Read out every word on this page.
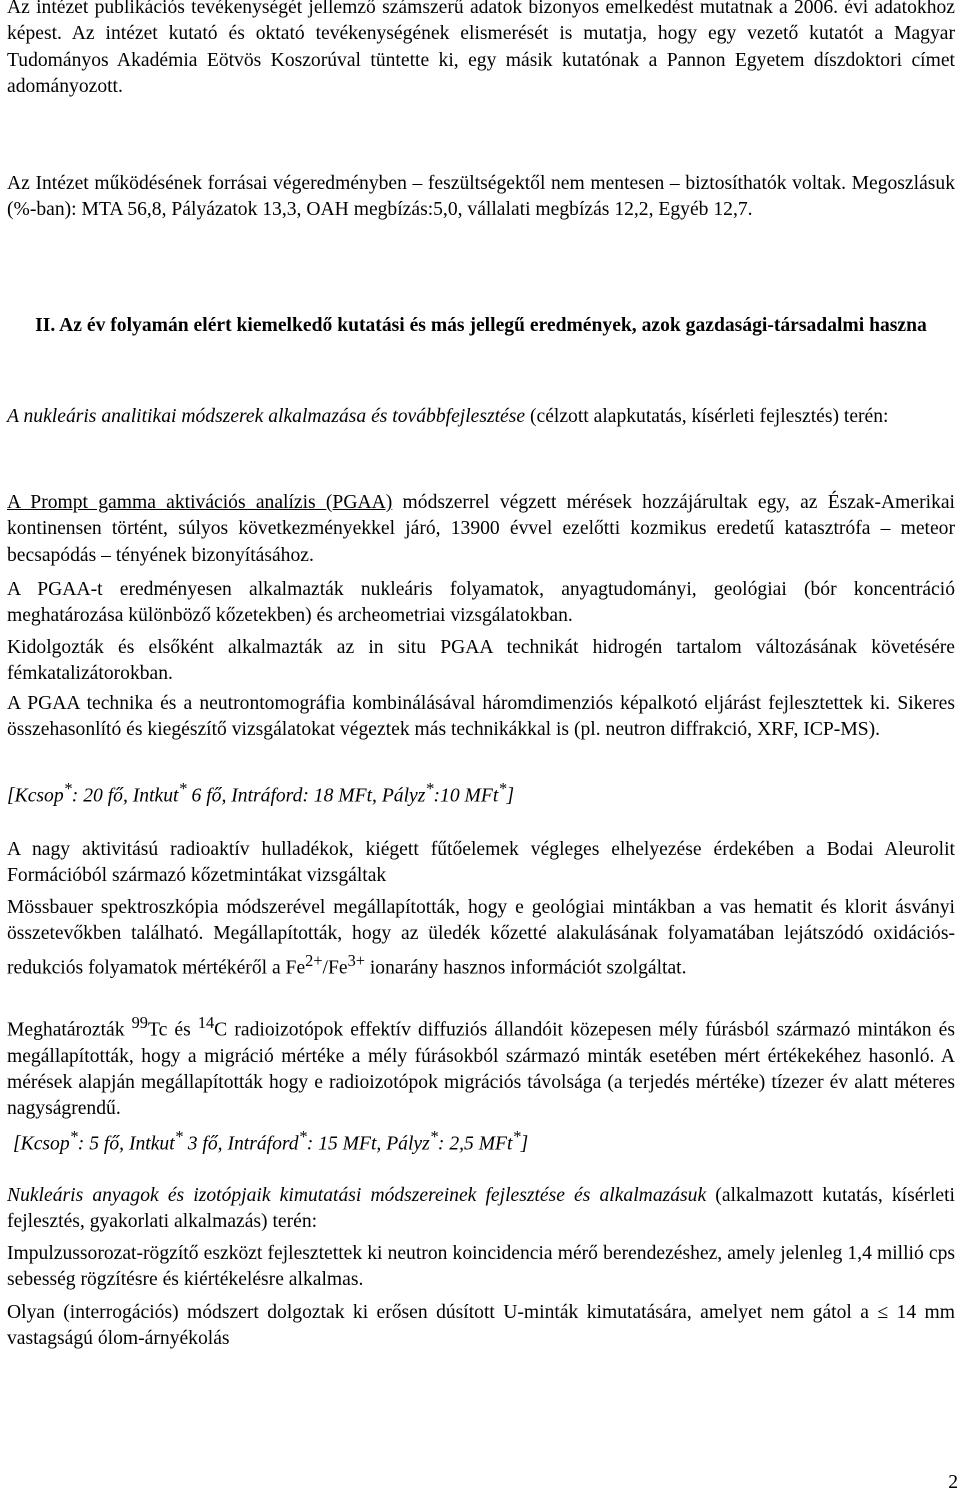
Az intézet publikációs tevékenységét jellemző számszerű adatok bizonyos emelkedést mutatnak a 2006. évi adatokhoz képest. Az intézet kutató és oktató tevékenységének elismerését is mutatja, hogy egy vezető kutatót a Magyar Tudományos Akadémia Eötvös Koszorúval tüntette ki, egy másik kutatónak a Pannon Egyetem díszdoktori címet adományozott.

Az Intézet működésének forrásai végeredményben – feszültségektől nem mentesen – biztosíthatók voltak. Megoszlásuk (%-ban): MTA 56,8, Pályázatok 13,3, OAH megbízás:5,0, vállalati megbízás 12,2, Egyéb 12,7.

II. Az év folyamán elért kiemelkedő kutatási és más jellegű eredmények, azok gazdasági-társadalmi haszna

A nukleáris analitikai módszerek alkalmazása és továbbfejlesztése (célzott alapkutatás, kísérleti fejlesztés) terén:

A Prompt gamma aktivációs analízis (PGAA) módszerrel végzett mérések hozzájárultak egy, az Észak-Amerikai kontinensen történt, súlyos következményekkel járó, 13900 évvel ezelőtti kozmikus eredetű katasztrófa – meteor becsapódás – tényének bizonyításához.

A PGAA-t eredményesen alkalmazták nukleáris folyamatok, anyagtudományi, geológiai (bór koncentráció meghatározása különböző kőzetekben) és archeometriai vizsgálatokban.

Kidolgozták és elsőként alkalmazták az in situ PGAA technikát hidrogén tartalom változásának követésére fémkatalizátorokban.

A PGAA technika és a neutrontomográfia kombinálásával háromdimenziós képalkotó eljárást fejlesztettek ki. Sikeres összehasonlító és kiegészítő vizsgálatokat végeztek más technikákkal is (pl. neutron diffrakció, XRF, ICP-MS).

[Kcsop*: 20 fő, Intkut* 6 fő, Intráford: 18 MFt, Pályz*:10 MFt*]

A nagy aktivitású radioaktív hulladékok, kiégett fűtőelemek végleges elhelyezése érdekében a Bodai Aleurolit Formációból származó kőzetmintákat vizsgáltak

Mössbauer spektroszkópia módszerével megállapították, hogy e geológiai mintákban a vas hematit és klorit ásványi összetevőkben található. Megállapították, hogy az üledék kőzetté alakulásának folyamatában lejátszódó oxidációs-redukciós folyamatok mértékéről a $Fe^{2+}/Fe^{3+}$ ionarány hasznos információt szolgáltat.

Meghatározták $^{99}$Tc és $^{14}$C radioizotópok effektív diffuziós állandóit közepesen mély fúrásból származó mintákon és megállapították, hogy a migráció mértéke a mély fúrásokból származó minták esetében mért értékekéhez hasonló. A mérések alapján megállapították hogy e radioizotópok migrációs távolsága (a terjedés mértéke) tízezer év alatt méteres nagyságrendű.

[Kcsop*: 5 fő, Intkut* 3 fő, Intráford*: 15 MFt, Pályz*: 2,5 MFt*]

Nukleáris anyagok és izotópjaik kimutatási módszereinek fejlesztése és alkalmazásuk (alkalmazott kutatás, kísérleti fejlesztés, gyakorlati alkalmazás) terén:

Impulzussorozat-rögzítő eszközt fejlesztettek ki neutron koincidencia mérő berendezéshez, amely jelenleg 1,4 millió cps sebesség rögzítésre és kiértékelésre alkalmas.

Olyan (interrogációs) módszert dolgoztak ki erősen dúsított U-minták kimutatására, amelyet nem gátol a ≤ 14 mm vastagságú ólom-árnyékolás

2
